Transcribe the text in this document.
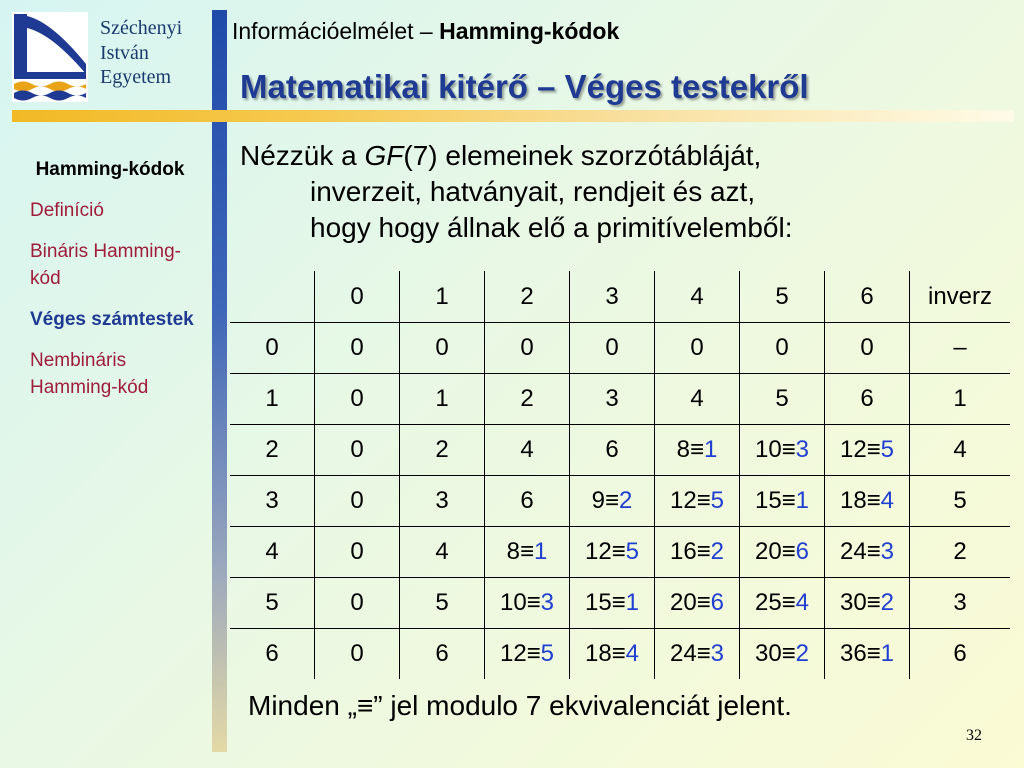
Széchenyi
István
Egyetem
Információelmélet – Hamming-kódok
Matematikai kitérő – Véges testekről
Hamming-kódok
Definíció
Bináris Hamming-kód
Véges számtestek
Nembináris Hamming-kód
Nézzük a GF(7) elemeinek szorzótábláját,
inverzeit, hatványait, rendjeit és azt,
hogy hogy állnak elő a primitívelemből:
	0	1	2	3	4	5	6	inverz
0	0	0	0	0	0	0	0	–
1	0	1	2	3	4	5	6	1
2	0	2	4	6	8≡1	10≡3	12≡5	4
3	0	3	6	9≡2	12≡5	15≡1	18≡4	5
4	0	4	8≡1	12≡5	16≡2	20≡6	24≡3	2
5	0	5	10≡3	15≡1	20≡6	25≡4	30≡2	3
6	0	6	12≡5	18≡4	24≡3	30≡2	36≡1	6
Minden „≡” jel modulo 7 ekvivalenciát jelent.
32
